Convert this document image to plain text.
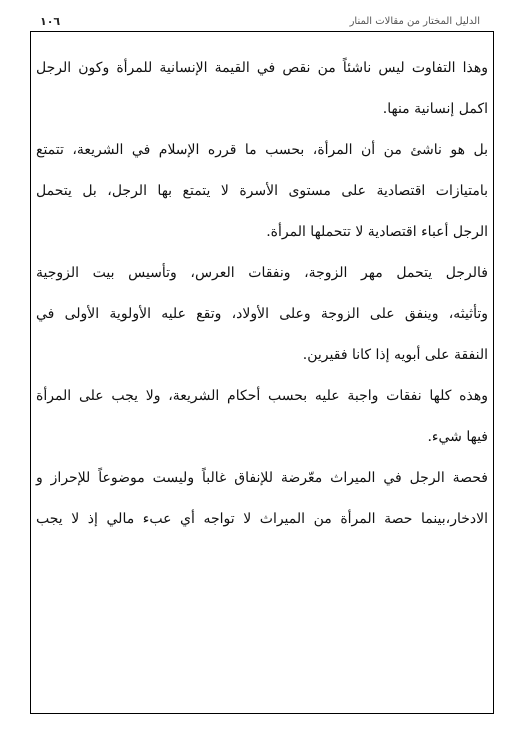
الدليل المختار من مقالات المنار
١٠٦
وهذا التفاوت ليس ناشئاً من نقص في القيمة الإنسانية للمرأة وكون الرجل
اكمل إنسانية منها.
بل هو ناشئ من أن المرأة، بحسب ما قرره الإسلام في الشريعة، تتمتع
بامتيازات اقتصادية على مستوى الأسرة لا يتمتع بها الرجل، بل يتحمل
الرجل أعباء اقتصادية لا تتحملها المرأة.
فالرجل يتحمل مهر الزوجة، ونفقات العرس، وتأسيس بيت الزوجية
وتأثيثه، وينفق على الزوجة وعلى الأولاد، وتقع عليه الأولوية الأولى في
النفقة على أبويه إذا كانا فقيرين.
وهذه كلها نفقات واجبة عليه بحسب أحكام الشريعة، ولا يجب على المرأة
فيها شيء.
فحصة الرجل في الميراث معّرضة للإنفاق غالباً وليست موضوعاً للإحراز و
الادخار،بينما حصة المرأة من الميراث لا تواجه أي عبء مالي إذ لا يجب
